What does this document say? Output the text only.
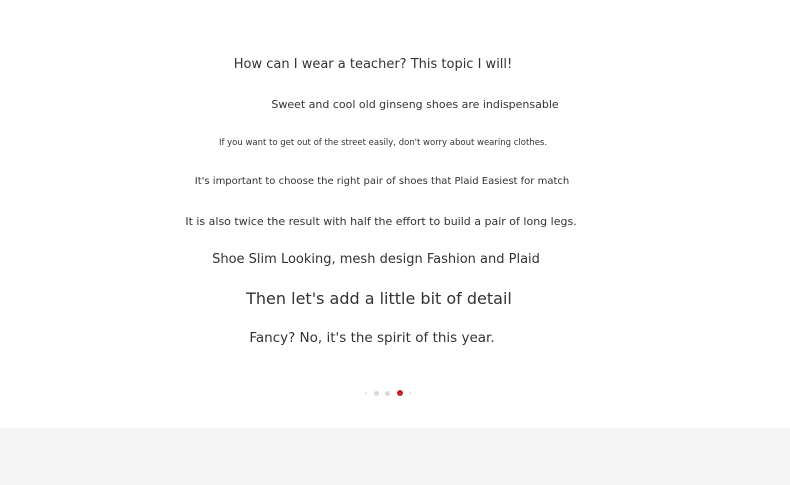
How can I wear a teacher? This topic I will!
Sweet and cool old ginseng shoes are indispensable
If you want to get out of the street easily, don't worry about wearing clothes.
It's important to choose the right pair of shoes that Plaid Easiest for match
It is also twice the result with half the effort to build a pair of long legs.
Shoe Slim Looking, mesh design Fashion and Plaid
Then let's add a little bit of detail
Fancy? No, it's the spirit of this year.
